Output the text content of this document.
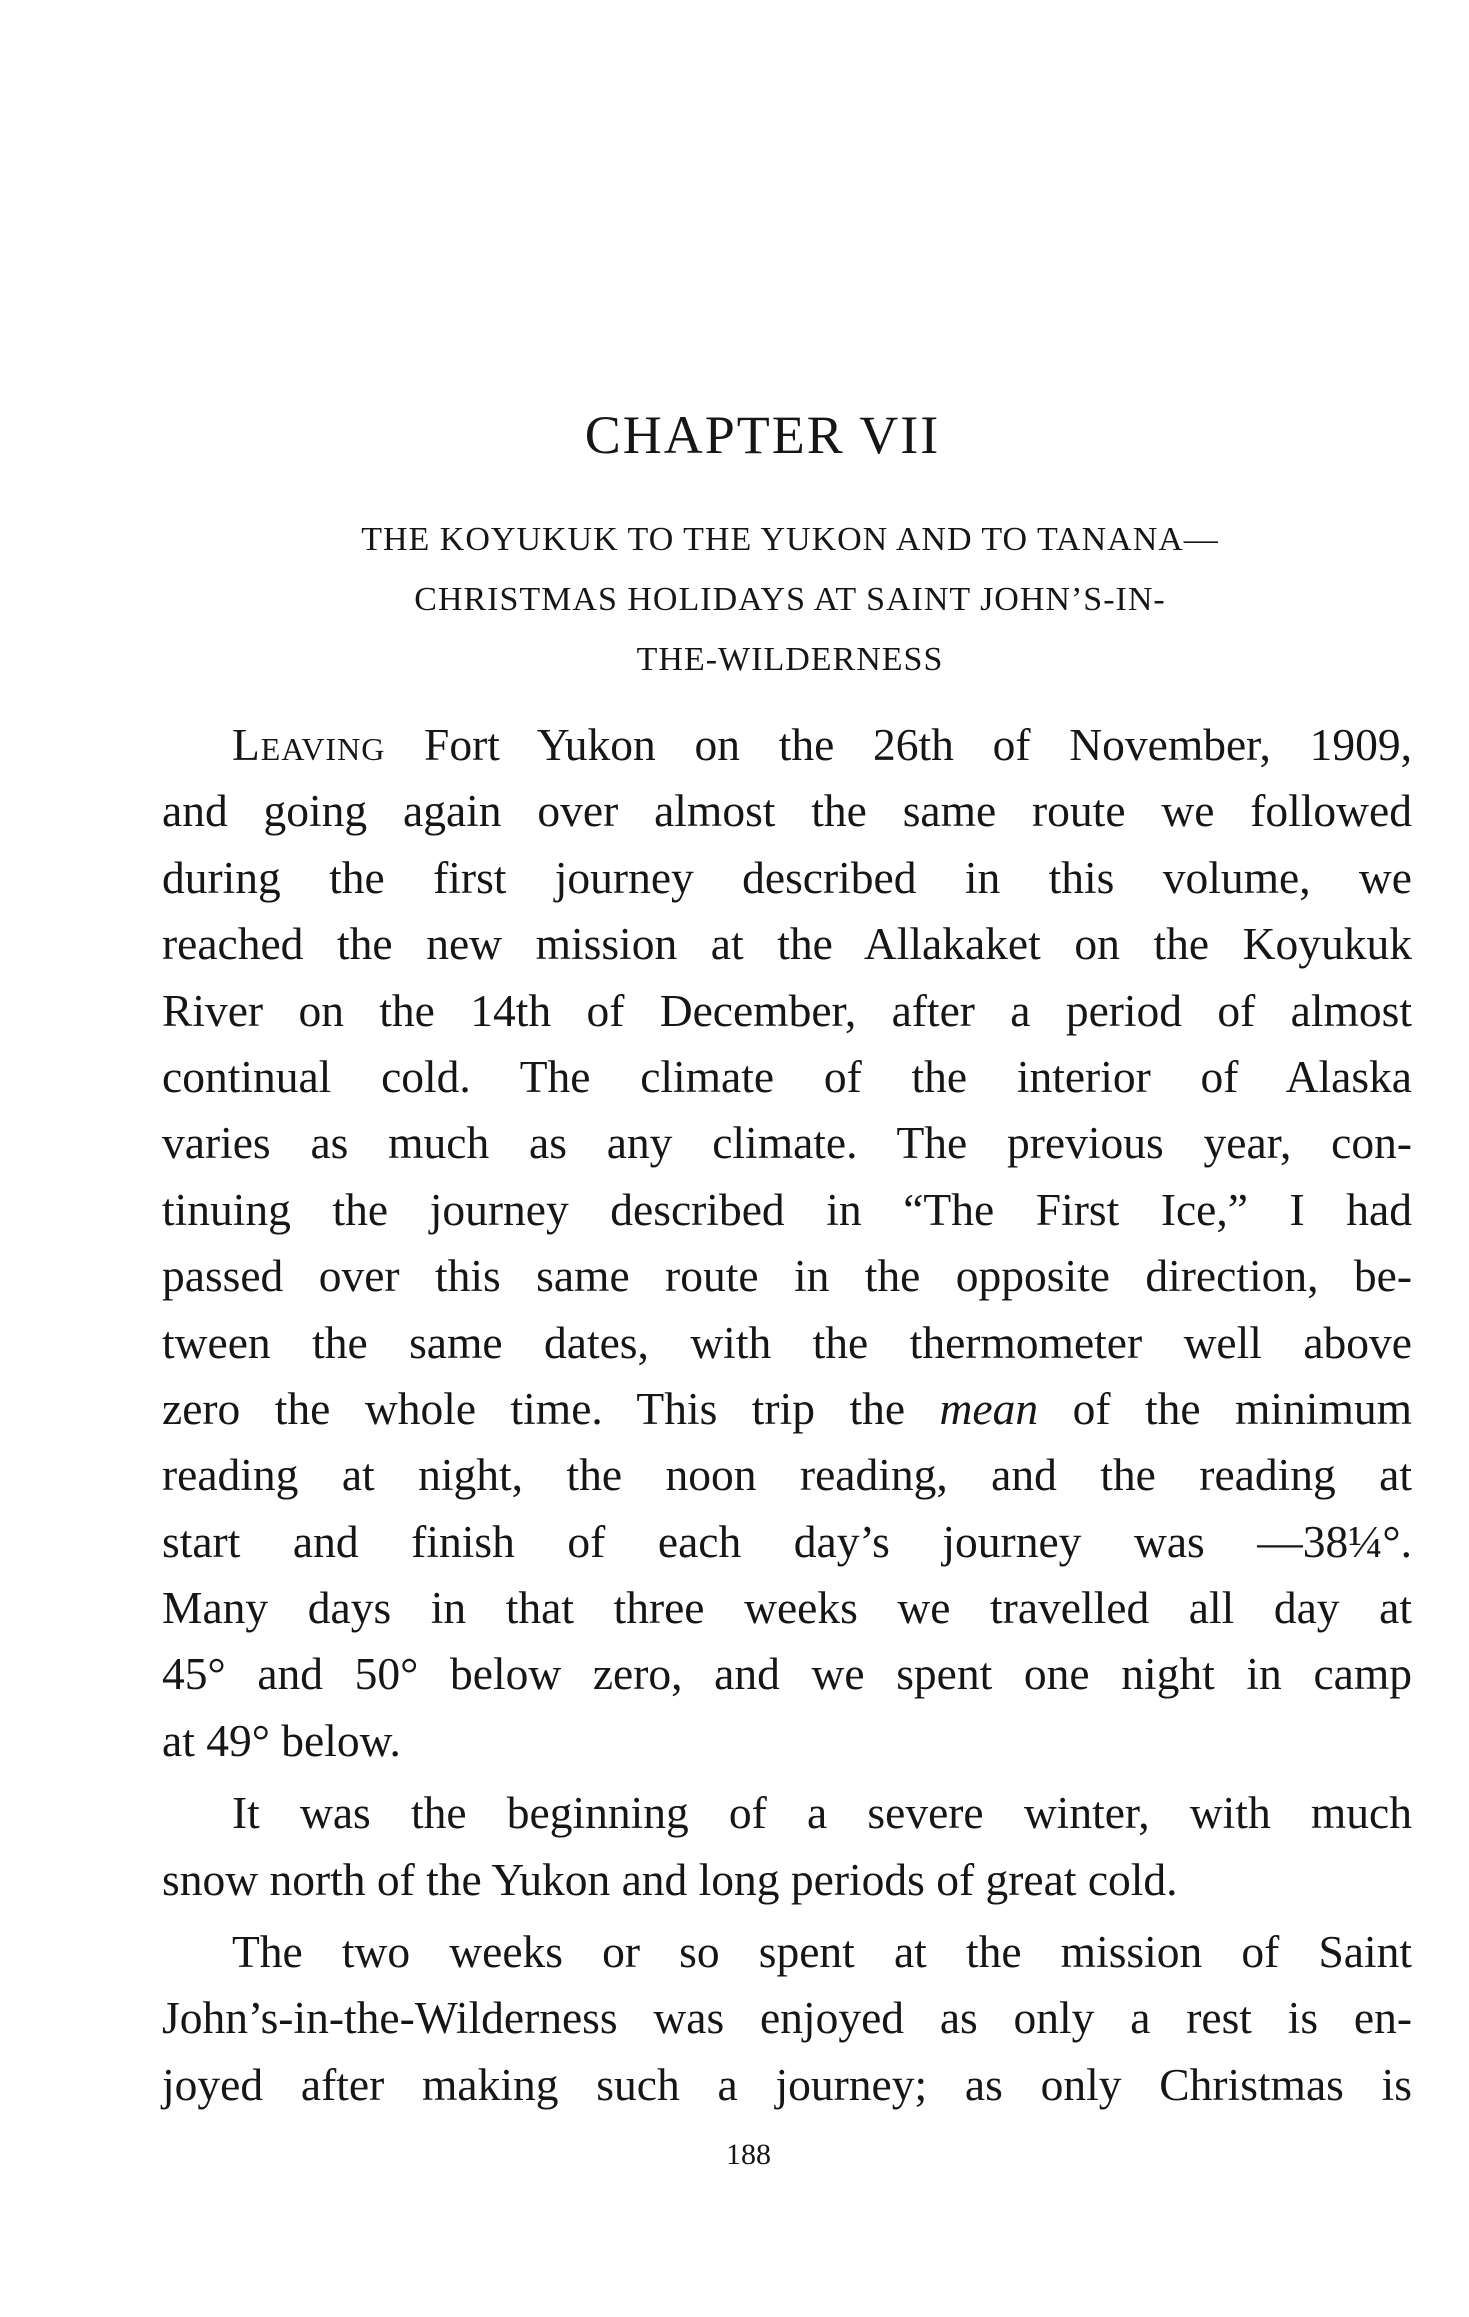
CHAPTER VII
THE KOYUKUK TO THE YUKON AND TO TANANA—
CHRISTMAS HOLIDAYS AT SAINT JOHN’S-IN-
THE-WILDERNESS
Leaving Fort Yukon on the 26th of November, 1909,
and going again over almost the same route we followed
during the first journey described in this volume, we
reached the new mission at the Allakaket on the Koyukuk
River on the 14th of December, after a period of almost
continual cold. The climate of the interior of Alaska
varies as much as any climate. The previous year, con-
tinuing the journey described in “The First Ice,” I had
passed over this same route in the opposite direction, be-
tween the same dates, with the thermometer well above
zero the whole time. This trip the mean of the minimum
reading at night, the noon reading, and the reading at
start and finish of each day’s journey was —38¼°.
Many days in that three weeks we travelled all day at
45° and 50° below zero, and we spent one night in camp
at 49° below.
It was the beginning of a severe winter, with much
snow north of the Yukon and long periods of great cold.
The two weeks or so spent at the mission of Saint
John’s-in-the-Wilderness was enjoyed as only a rest is en-
joyed after making such a journey; as only Christmas is
188
